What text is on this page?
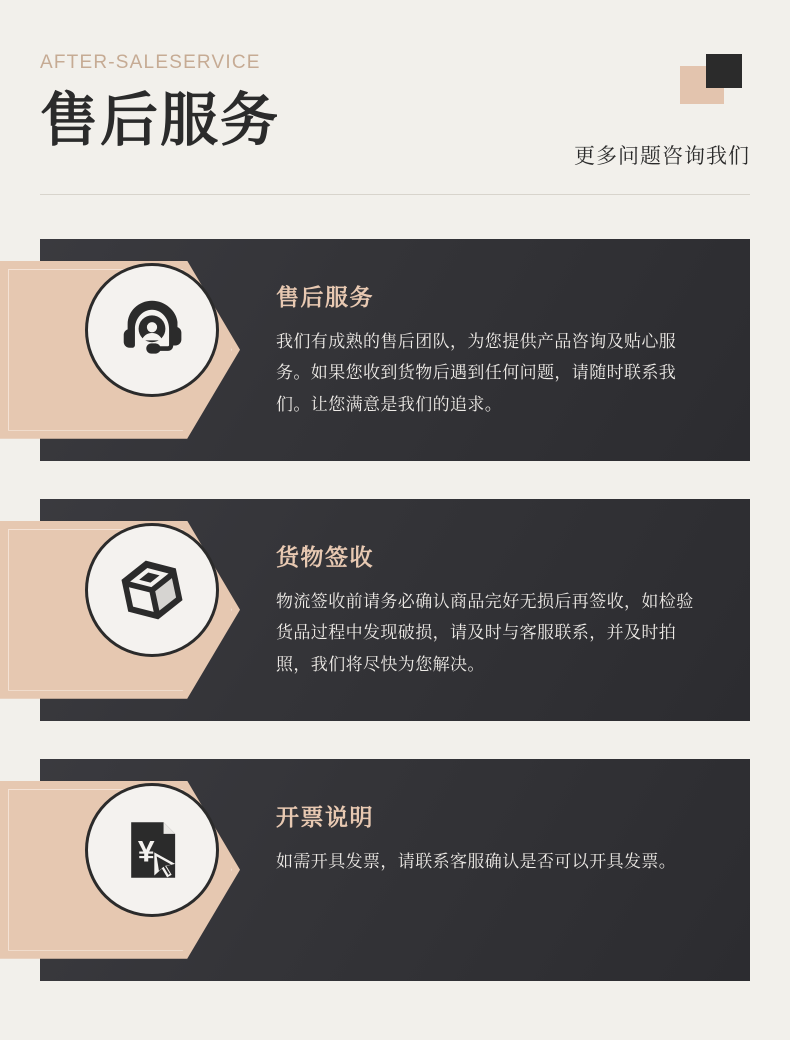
AFTER-SALESERVICE
售后服务
更多问题咨询我们
售后服务
我们有成熟的售后团队，为您提供产品咨询及贴心服务。如果您收到货物后遇到任何问题，请随时联系我们。让您满意是我们的追求。
货物签收
物流签收前请务必确认商品完好无损后再签收，如检验货品过程中发现破损，请及时与客服联系，并及时拍照，我们将尽快为您解决。
¥
开票说明
如需开具发票，请联系客服确认是否可以开具发票。
